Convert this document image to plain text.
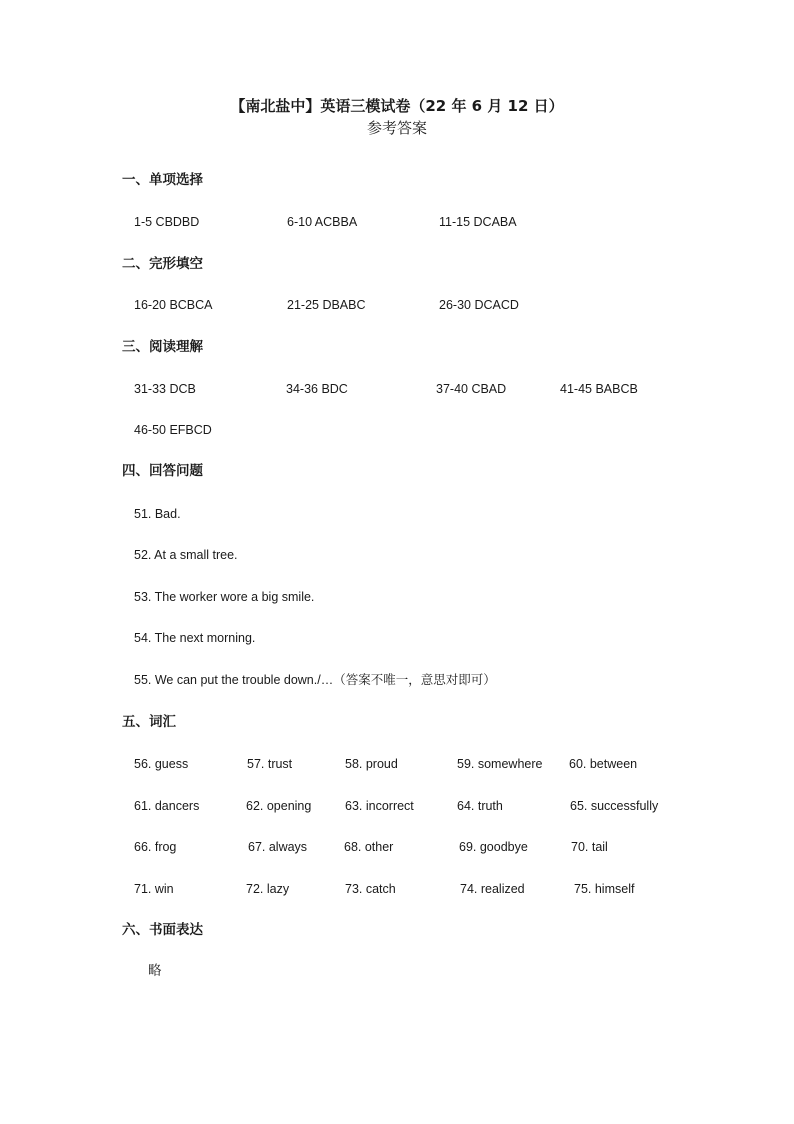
【南北盐中】英语三模试卷（22 年 6 月 12 日）
参考答案
一、单项选择
1-5 CBDBD	6-10 ACBBA	11-15 DCABA
二、完形填空
16-20 BCBCA	21-25 DBABC	26-30 DCACD
三、阅读理解
31-33 DCB	34-36 BDC	37-40 CBAD	41-45 BABCB
46-50 EFBCD
四、回答问题
51. Bad.
52. At a small tree.
53. The worker wore a big smile.
54. The next morning.
55. We can put the trouble down./…（答案不唯一，意思对即可）
五、词汇
56. guess	57. trust	58. proud	59. somewhere 60. between
61. dancers	62. opening	63. incorrect	64. truth	65. successfully
66. frog	67. always	68. other	69. goodbye	70. tail
71. win	72. lazy	73. catch	74. realized	75. himself
六、书面表达
略
